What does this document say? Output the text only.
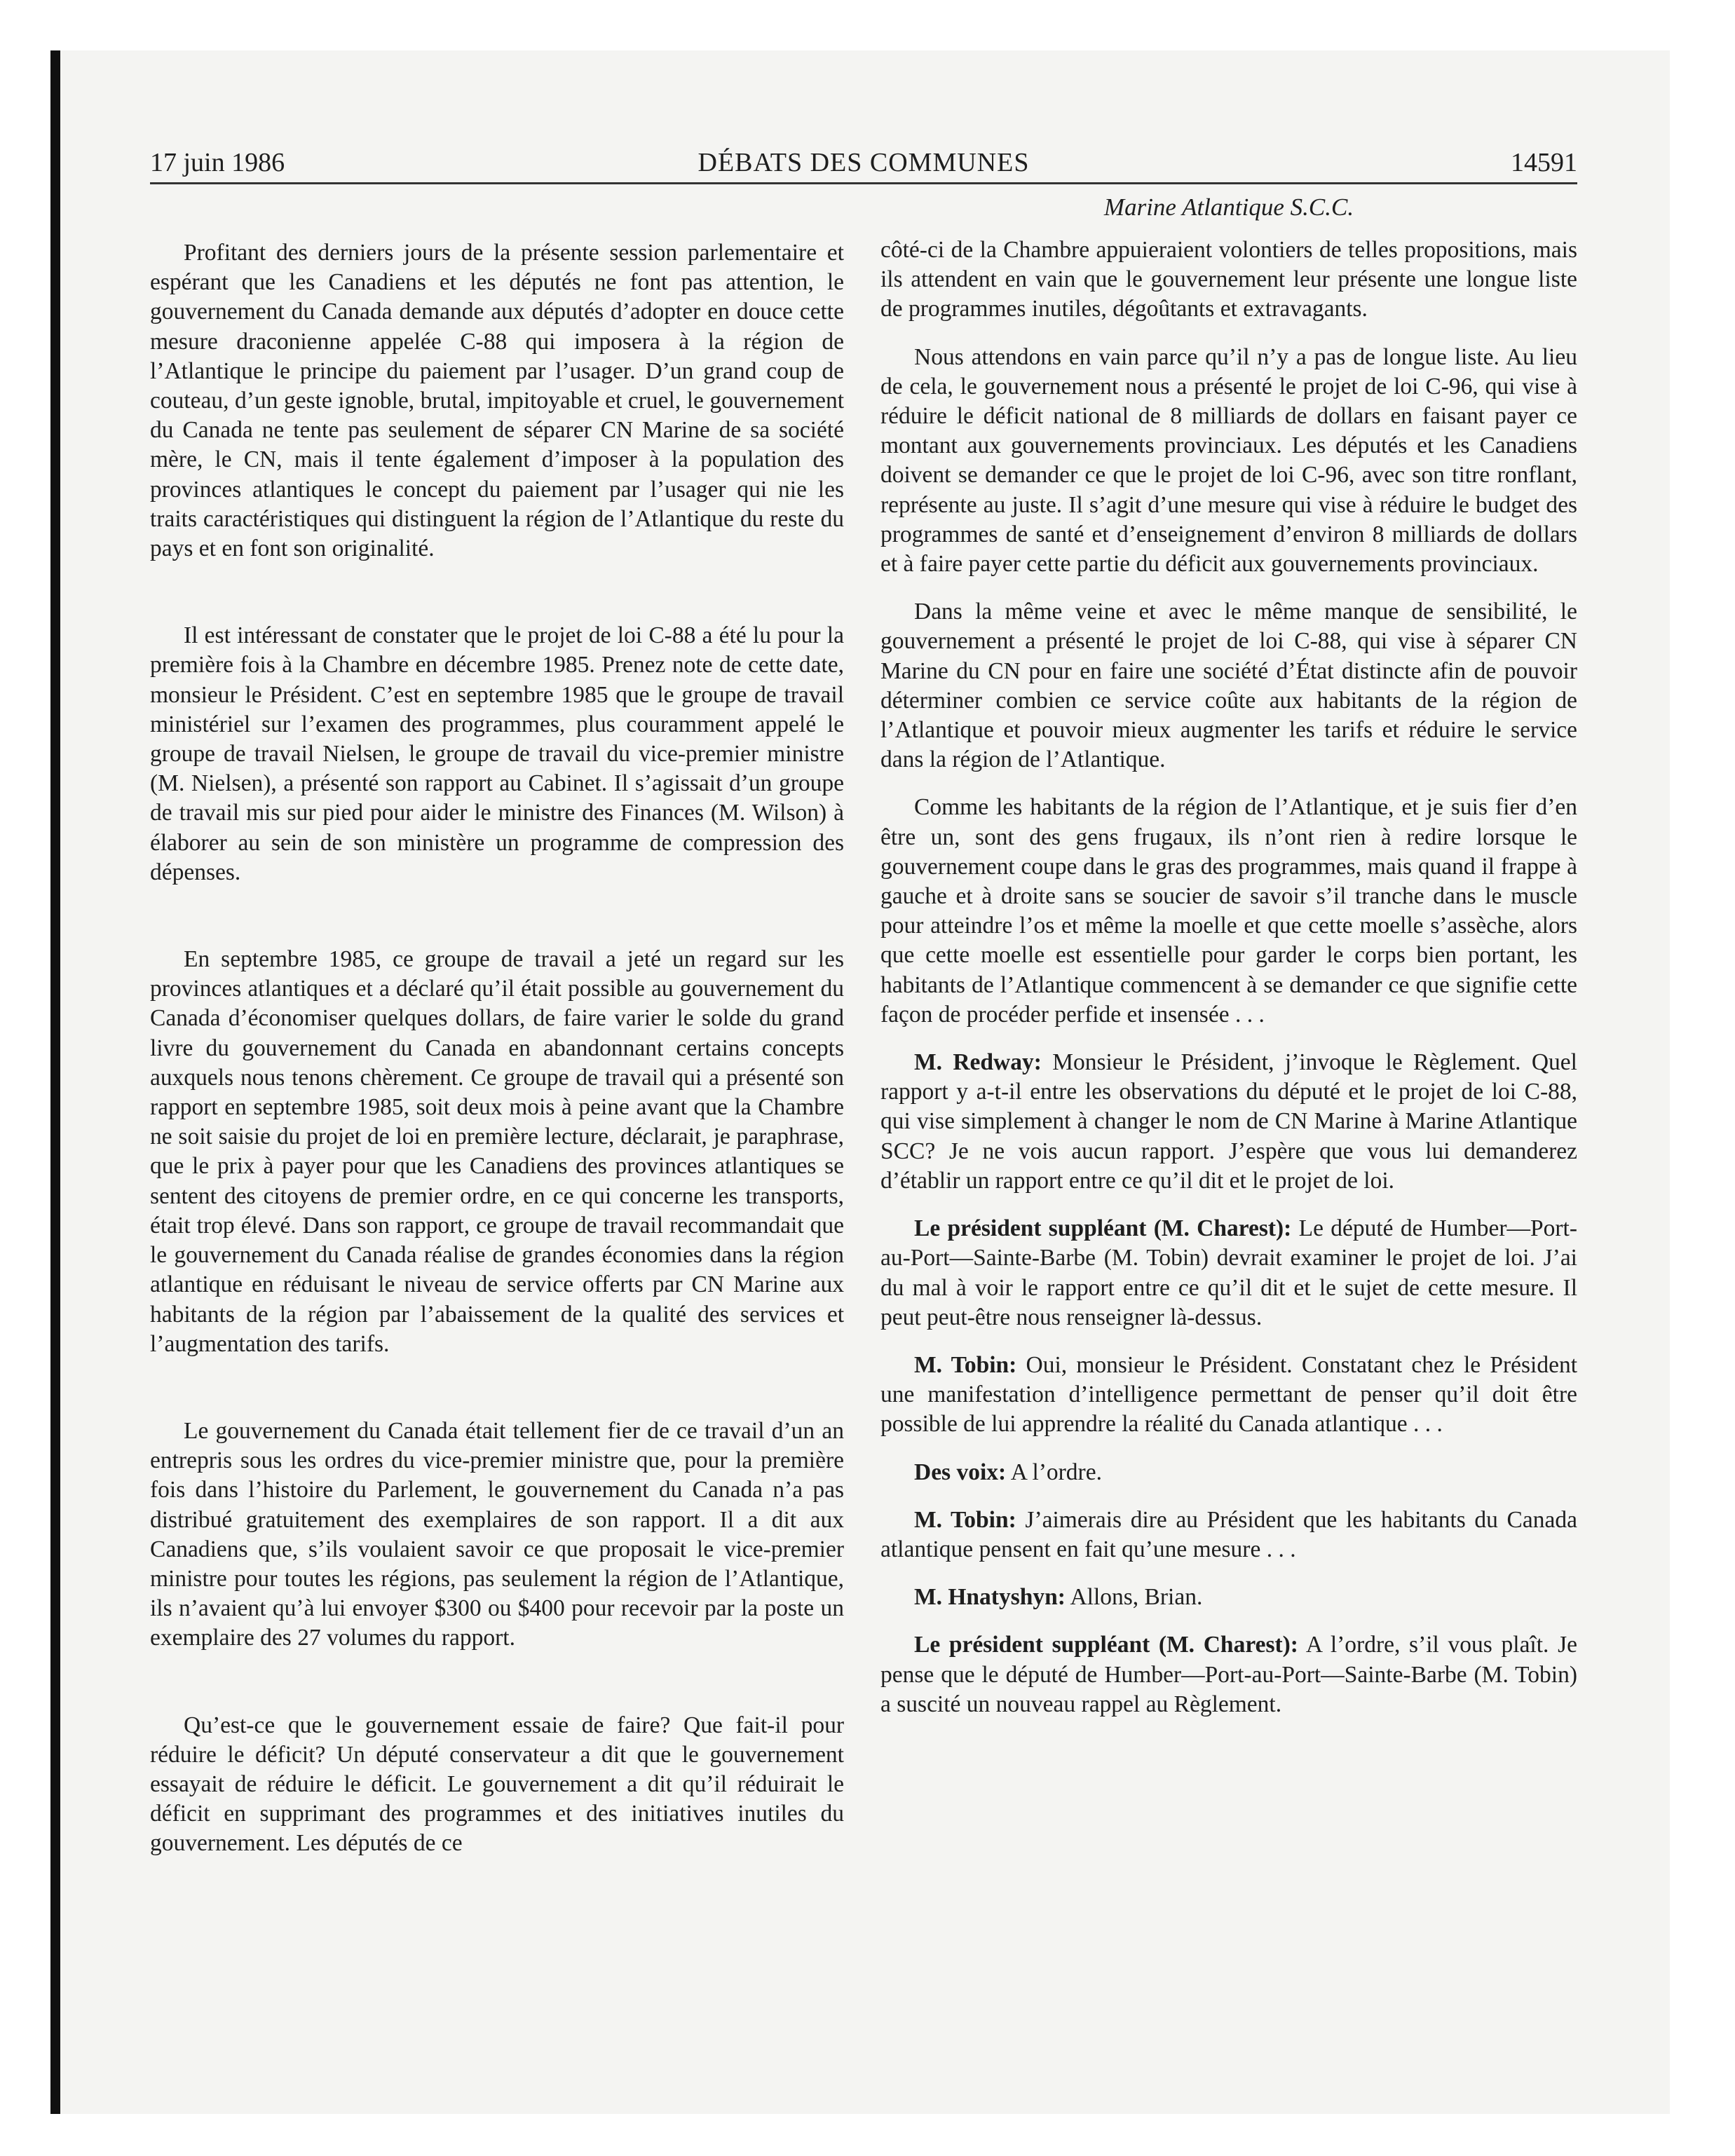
17 juin 1986	DÉBATS DES COMMUNES	14591

Profitant des derniers jours de la présente session parlementaire et espérant que les Canadiens et les députés ne font pas attention, le gouvernement du Canada demande aux députés d’adopter en douce cette mesure draconienne appelée C-88 qui imposera à la région de l’Atlantique le principe du paiement par l’usager. D’un grand coup de couteau, d’un geste ignoble, brutal, impitoyable et cruel, le gouvernement du Canada ne tente pas seulement de séparer CN Marine de sa société mère, le CN, mais il tente également d’imposer à la population des provinces atlantiques le concept du paiement par l’usager qui nie les traits caractéristiques qui distinguent la région de l’Atlantique du reste du pays et en font son originalité.

Il est intéressant de constater que le projet de loi C-88 a été lu pour la première fois à la Chambre en décembre 1985. Prenez note de cette date, monsieur le Président. C’est en septembre 1985 que le groupe de travail ministériel sur l’examen des programmes, plus couramment appelé le groupe de travail Nielsen, le groupe de travail du vice-premier ministre (M. Nielsen), a présenté son rapport au Cabinet. Il s’agissait d’un groupe de travail mis sur pied pour aider le ministre des Finances (M. Wilson) à élaborer au sein de son ministère un programme de compression des dépenses.

En septembre 1985, ce groupe de travail a jeté un regard sur les provinces atlantiques et a déclaré qu’il était possible au gouvernement du Canada d’économiser quelques dollars, de faire varier le solde du grand livre du gouvernement du Canada en abandonnant certains concepts auxquels nous tenons chèrement. Ce groupe de travail qui a présenté son rapport en septembre 1985, soit deux mois à peine avant que la Chambre ne soit saisie du projet de loi en première lecture, déclarait, je paraphrase, que le prix à payer pour que les Canadiens des provinces atlantiques se sentent des citoyens de premier ordre, en ce qui concerne les transports, était trop élevé. Dans son rapport, ce groupe de travail recommandait que le gouvernement du Canada réalise de grandes économies dans la région atlantique en réduisant le niveau de service offerts par CN Marine aux habitants de la région par l’abaissement de la qualité des services et l’augmentation des tarifs.

Le gouvernement du Canada était tellement fier de ce travail d’un an entrepris sous les ordres du vice-premier ministre que, pour la première fois dans l’histoire du Parlement, le gouvernement du Canada n’a pas distribué gratuitement des exemplaires de son rapport. Il a dit aux Canadiens que, s’ils voulaient savoir ce que proposait le vice-premier ministre pour toutes les régions, pas seulement la région de l’Atlantique, ils n’avaient qu’à lui envoyer $300 ou $400 pour recevoir par la poste un exemplaire des 27 volumes du rapport.

Qu’est-ce que le gouvernement essaie de faire? Que fait-il pour réduire le déficit? Un député conservateur a dit que le gouvernement essayait de réduire le déficit. Le gouvernement a dit qu’il réduirait le déficit en supprimant des programmes et des initiatives inutiles du gouvernement. Les députés de ce

Marine Atlantique S.C.C.

côté-ci de la Chambre appuieraient volontiers de telles propositions, mais ils attendent en vain que le gouvernement leur présente une longue liste de programmes inutiles, dégoûtants et extravagants.

Nous attendons en vain parce qu’il n’y a pas de longue liste. Au lieu de cela, le gouvernement nous a présenté le projet de loi C-96, qui vise à réduire le déficit national de 8 milliards de dollars en faisant payer ce montant aux gouvernements provinciaux. Les députés et les Canadiens doivent se demander ce que le projet de loi C-96, avec son titre ronflant, représente au juste. Il s’agit d’une mesure qui vise à réduire le budget des programmes de santé et d’enseignement d’environ 8 milliards de dollars et à faire payer cette partie du déficit aux gouvernements provinciaux.

Dans la même veine et avec le même manque de sensibilité, le gouvernement a présenté le projet de loi C-88, qui vise à séparer CN Marine du CN pour en faire une société d’État distincte afin de pouvoir déterminer combien ce service coûte aux habitants de la région de l’Atlantique et pouvoir mieux augmenter les tarifs et réduire le service dans la région de l’Atlantique.

Comme les habitants de la région de l’Atlantique, et je suis fier d’en être un, sont des gens frugaux, ils n’ont rien à redire lorsque le gouvernement coupe dans le gras des programmes, mais quand il frappe à gauche et à droite sans se soucier de savoir s’il tranche dans le muscle pour atteindre l’os et même la moelle et que cette moelle s’assèche, alors que cette moelle est essentielle pour garder le corps bien portant, les habitants de l’Atlantique commencent à se demander ce que signifie cette façon de procéder perfide et insensée . . .

M. Redway: Monsieur le Président, j’invoque le Règlement. Quel rapport y a-t-il entre les observations du député et le projet de loi C-88, qui vise simplement à changer le nom de CN Marine à Marine Atlantique SCC? Je ne vois aucun rapport. J’espère que vous lui demanderez d’établir un rapport entre ce qu’il dit et le projet de loi.

Le président suppléant (M. Charest): Le député de Humber—Port-au-Port—Sainte-Barbe (M. Tobin) devrait examiner le projet de loi. J’ai du mal à voir le rapport entre ce qu’il dit et le sujet de cette mesure. Il peut peut-être nous renseigner là-dessus.

M. Tobin: Oui, monsieur le Président. Constatant chez le Président une manifestation d’intelligence permettant de penser qu’il doit être possible de lui apprendre la réalité du Canada atlantique . . .

Des voix: A l’ordre.

M. Tobin: J’aimerais dire au Président que les habitants du Canada atlantique pensent en fait qu’une mesure . . .

M. Hnatyshyn: Allons, Brian.

Le président suppléant (M. Charest): A l’ordre, s’il vous plaît. Je pense que le député de Humber—Port-au-Port—Sainte-Barbe (M. Tobin) a suscité un nouveau rappel au Règlement.
